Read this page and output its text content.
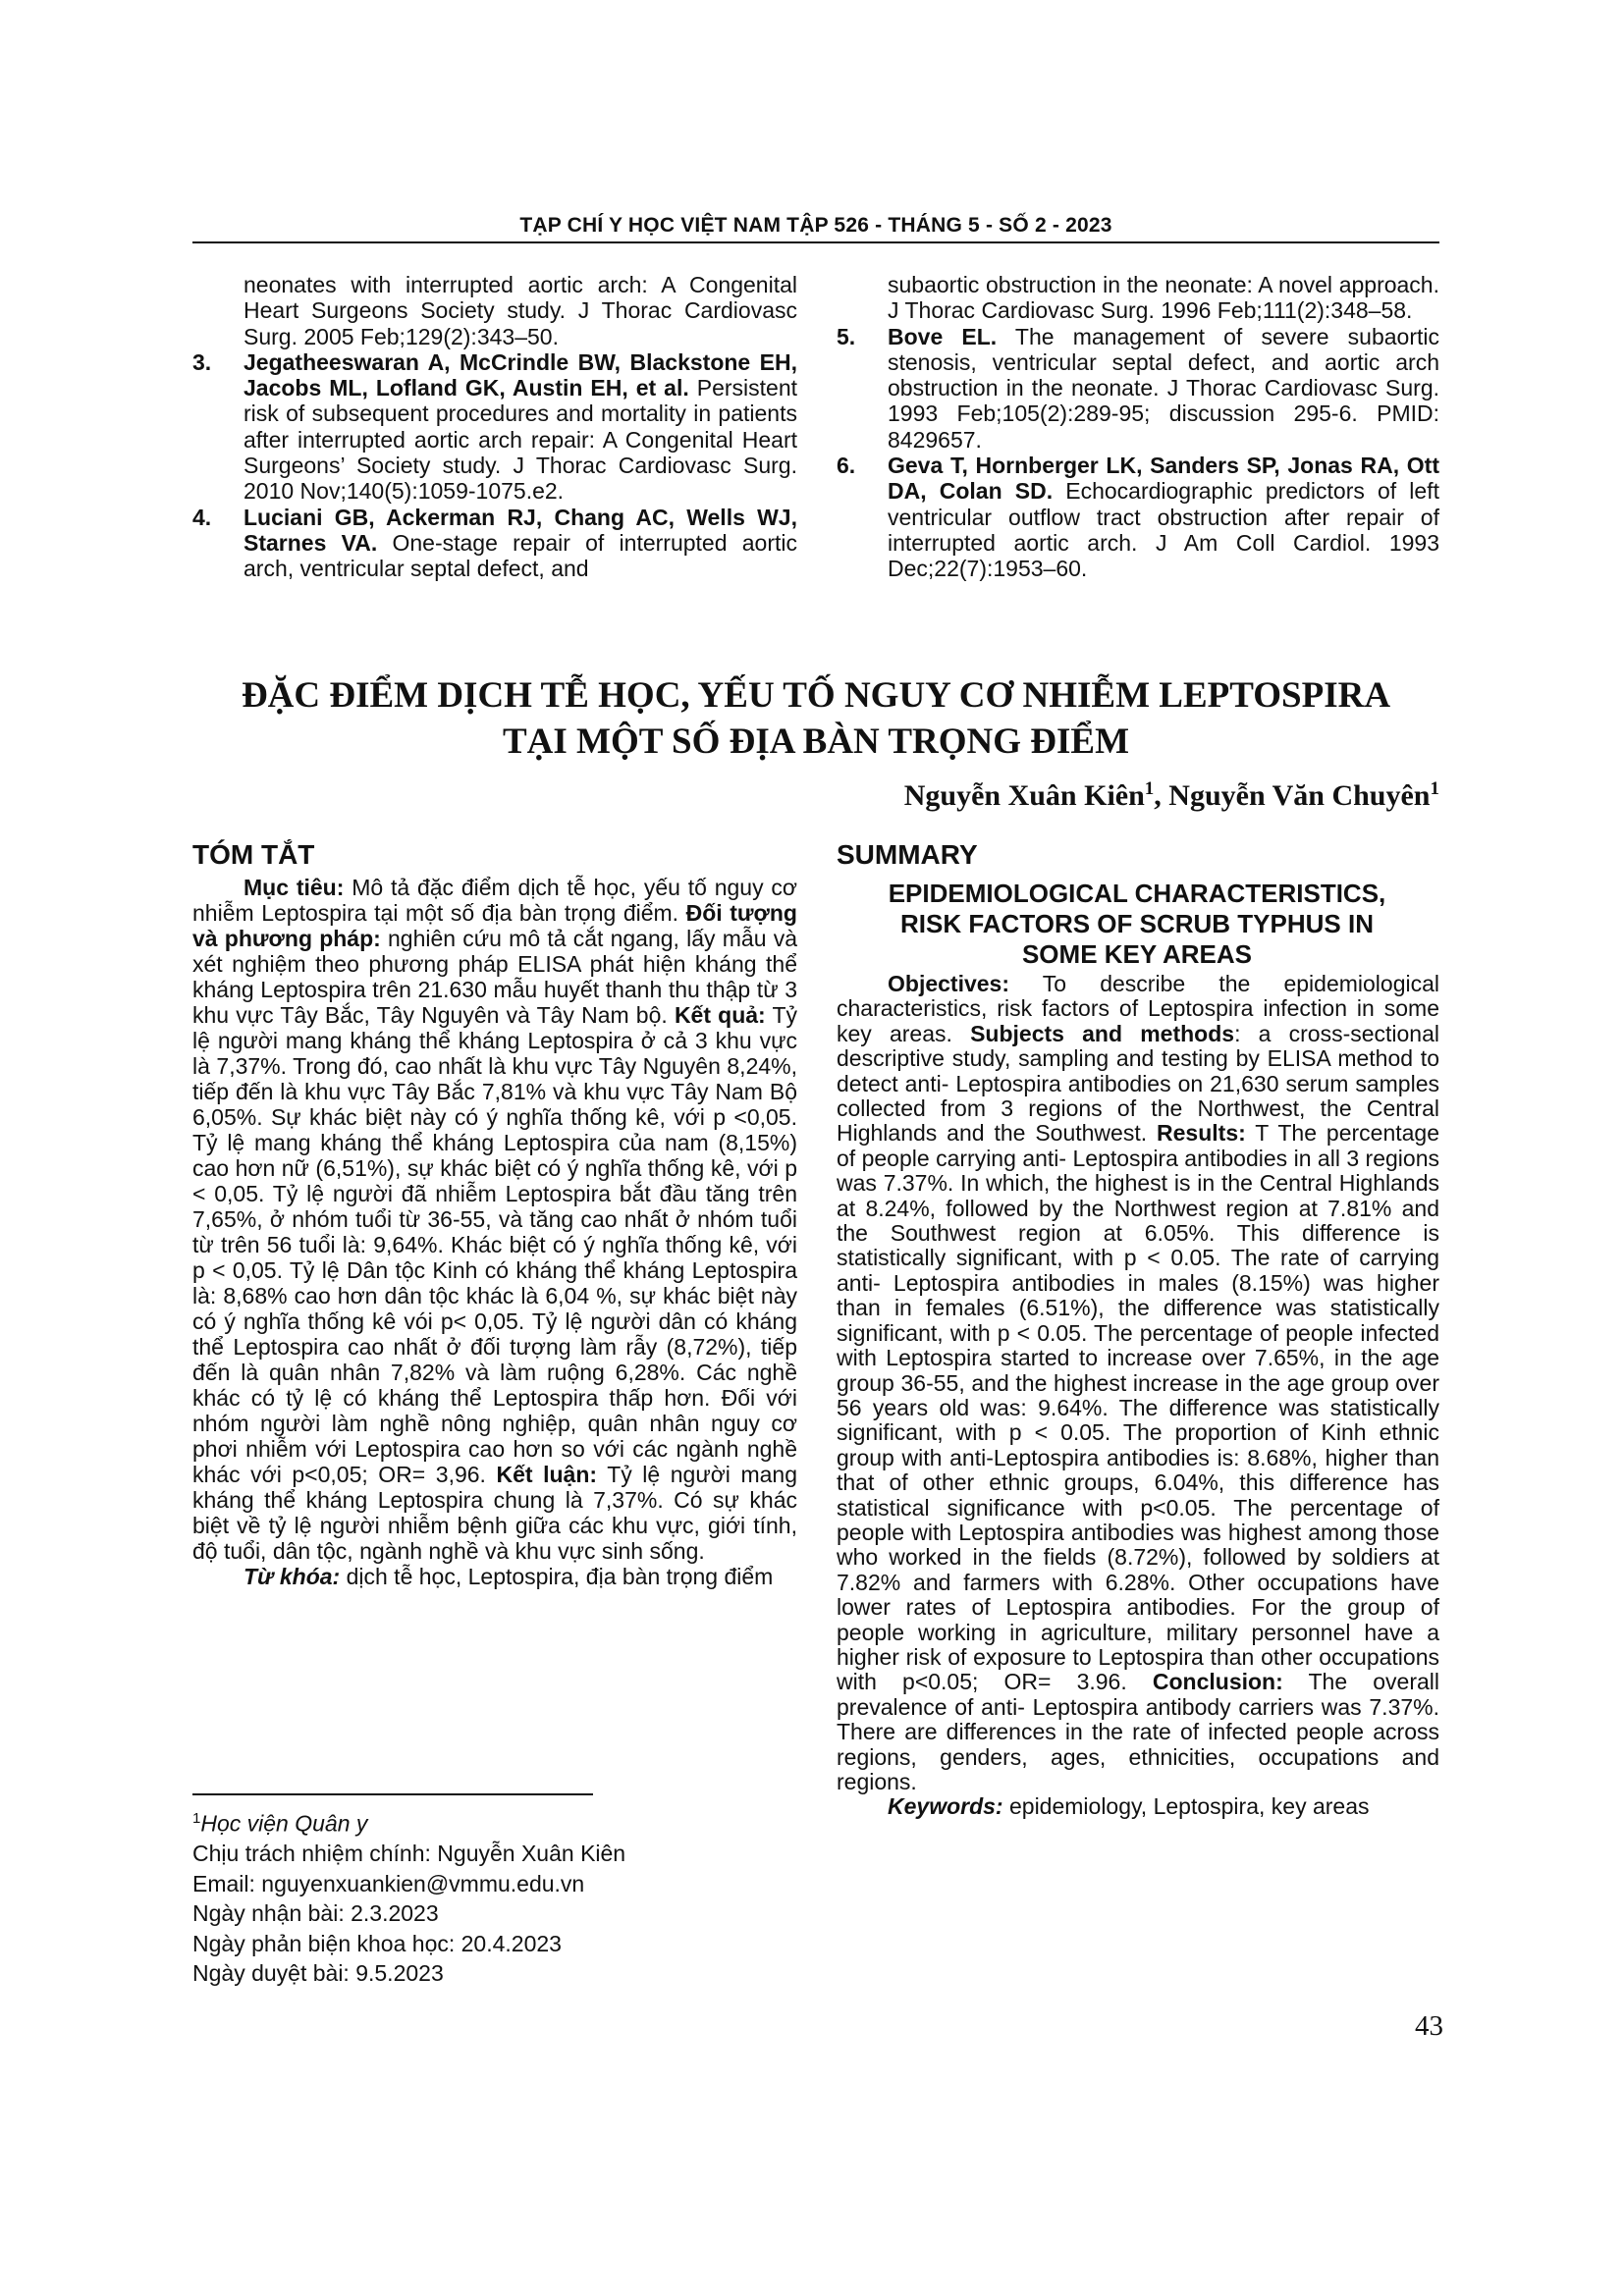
TẠP CHÍ Y HỌC VIỆT NAM TẬP 526 - THÁNG 5 - SỐ 2 - 2023
neonates with interrupted aortic arch: A Congenital Heart Surgeons Society study. J Thorac Cardiovasc Surg. 2005 Feb;129(2):343–50.
3.	Jegatheeswaran A, McCrindle BW, Blackstone EH, Jacobs ML, Lofland GK, Austin EH, et al. Persistent risk of subsequent procedures and mortality in patients after interrupted aortic arch repair: A Congenital Heart Surgeons’ Society study. J Thorac Cardiovasc Surg. 2010 Nov;140(5):1059-1075.e2.
4.	Luciani GB, Ackerman RJ, Chang AC, Wells WJ, Starnes VA. One-stage repair of interrupted aortic arch, ventricular septal defect, and
subaortic obstruction in the neonate: A novel approach. J Thorac Cardiovasc Surg. 1996 Feb;111(2):348–58.
5.	Bove EL. The management of severe subaortic stenosis, ventricular septal defect, and aortic arch obstruction in the neonate. J Thorac Cardiovasc Surg. 1993 Feb;105(2):289-95; discussion 295-6. PMID: 8429657.
6.	Geva T, Hornberger LK, Sanders SP, Jonas RA, Ott DA, Colan SD. Echocardiographic predictors of left ventricular outflow tract obstruction after repair of interrupted aortic arch. J Am Coll Cardiol. 1993 Dec;22(7):1953–60.
ĐẶC ĐIỂM DỊCH TỄ HỌC, YẾU TỐ NGUY CƠ NHIỄM LEPTOSPIRA
TẠI MỘT SỐ ĐỊA BÀN TRỌNG ĐIỂM
Nguyễn Xuân Kiên$^1$, Nguyễn Văn Chuyên$^1$
TÓM TẮT

Mục tiêu: Mô tả đặc điểm dịch tễ học, yếu tố nguy cơ nhiễm Leptospira tại một số địa bàn trọng điểm. Đối tượng và phương pháp: nghiên cứu mô tả cắt ngang, lấy mẫu và xét nghiệm theo phương pháp ELISA phát hiện kháng thể kháng Leptospira trên 21.630 mẫu huyết thanh thu thập từ 3 khu vực Tây Bắc, Tây Nguyên và Tây Nam bộ. Kết quả: Tỷ lệ người mang kháng thể kháng Leptospira ở cả 3 khu vực là 7,37%. Trong đó, cao nhất là khu vực Tây Nguyên 8,24%, tiếp đến là khu vực Tây Bắc 7,81% và khu vực Tây Nam Bộ 6,05%. Sự khác biệt này có ý nghĩa thống kê, với p <0,05. Tỷ lệ mang kháng thể kháng Leptospira của nam (8,15%) cao hơn nữ (6,51%), sự khác biệt có ý nghĩa thống kê, với p < 0,05. Tỷ lệ người đã nhiễm Leptospira bắt đầu tăng trên 7,65%, ở nhóm tuổi từ 36-55, và tăng cao nhất ở nhóm tuổi từ trên 56 tuổi là: 9,64%. Khác biệt có ý nghĩa thống kê, với p < 0,05. Tỷ lệ Dân tộc Kinh có kháng thể kháng Leptospira là: 8,68% cao hơn dân tộc khác là 6,04 %, sự khác biệt này có ý nghĩa thống kê vói p< 0,05. Tỷ lệ người dân có kháng thể Leptospira cao nhất ở đối tượng làm rẫy (8,72%), tiếp đến là quân nhân 7,82% và làm ruộng 6,28%. Các nghề khác có tỷ lệ có kháng thể Leptospira thấp hơn. Đối với nhóm người làm nghề nông nghiệp, quân nhân nguy cơ phơi nhiễm với Leptospira cao hơn so với các ngành nghề khác với p<0,05; OR= 3,96. Kết luận: Tỷ lệ người mang kháng thể kháng Leptospira chung là 7,37%. Có sự khác biệt về tỷ lệ người nhiễm bệnh giữa các khu vực, giới tính, độ tuổi, dân tộc, ngành nghề và khu vực sinh sống.

Từ khóa: dịch tễ học, Leptospira, địa bàn trọng điểm

$^1$Học viện Quân y
Chịu trách nhiệm chính: Nguyễn Xuân Kiên
Email: nguyenxuankien@vmmu.edu.vn
Ngày nhận bài: 2.3.2023
Ngày phản biện khoa học: 20.4.2023
Ngày duyệt bài: 9.5.2023
SUMMARY
EPIDEMIOLOGICAL CHARACTERISTICS,
RISK FACTORS OF SCRUB TYPHUS IN
SOME KEY AREAS

Objectives: To describe the epidemiological characteristics, risk factors of Leptospira infection in some key areas. Subjects and methods: a cross-sectional descriptive study, sampling and testing by ELISA method to detect anti- Leptospira antibodies on 21,630 serum samples collected from 3 regions of the Northwest, the Central Highlands and the Southwest. Results: T The percentage of people carrying anti- Leptospira antibodies in all 3 regions was 7.37%. In which, the highest is in the Central Highlands at 8.24%, followed by the Northwest region at 7.81% and the Southwest region at 6.05%. This difference is statistically significant, with p < 0.05. The rate of carrying anti- Leptospira antibodies in males (8.15%) was higher than in females (6.51%), the difference was statistically significant, with p < 0.05. The percentage of people infected with Leptospira started to increase over 7.65%, in the age group 36-55, and the highest increase in the age group over 56 years old was: 9.64%. The difference was statistically significant, with p < 0.05. The proportion of Kinh ethnic group with anti-Leptospira antibodies is: 8.68%, higher than that of other ethnic groups, 6.04%, this difference has statistical significance with p<0.05. The percentage of people with Leptospira antibodies was highest among those who worked in the fields (8.72%), followed by soldiers at 7.82% and farmers with 6.28%. Other occupations have lower rates of Leptospira antibodies. For the group of people working in agriculture, military personnel have a higher risk of exposure to Leptospira than other occupations with p<0.05; OR= 3.96. Conclusion: The overall prevalence of anti- Leptospira antibody carriers was 7.37%. There are differences in the rate of infected people across regions, genders, ages, ethnicities, occupations and regions.

Keywords: epidemiology, Leptospira, key areas

43
